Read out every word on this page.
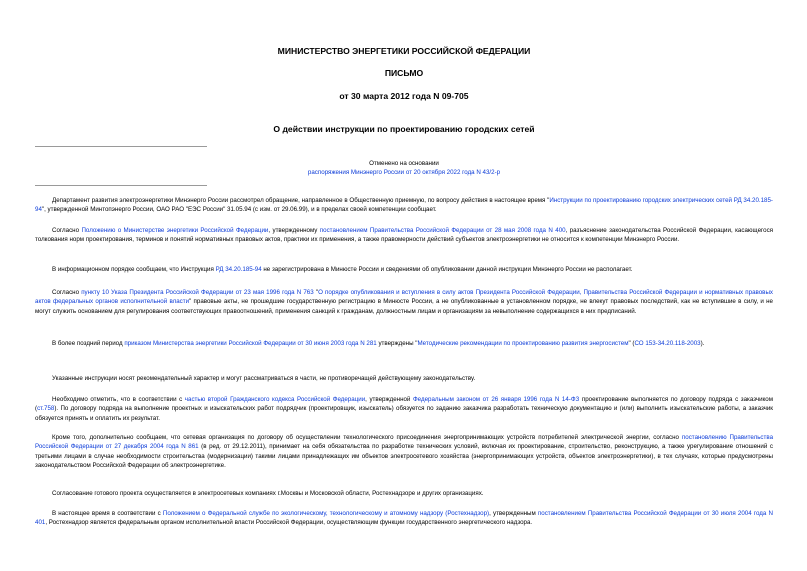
МИНИСТЕРСТВО ЭНЕРГЕТИКИ РОССИЙСКОЙ ФЕДЕРАЦИИ
ПИСЬМО
от 30 марта 2012 года N 09-705
О действии инструкции по проектированию городских сетей
Отменено на основании
распоряжения Минэнерго России от 20 октября 2022 года N 43/2-р
Департамент развития электроэнергетики Минэнерго России рассмотрел обращение, направленное в Общественную приемную, по вопросу действия в настоящее время "Инструкции по проектированию городских электрических сетей РД 34.20.185-94", утвержденной Минтопэнерго России, ОАО РАО "ЕЭС России" 31.05.94 (с изм. от 29.06.99), и в пределах своей компетенции сообщает.
Согласно Положению о Министерстве энергетики Российской Федерации, утвержденному постановлением Правительства Российской Федерации от 28 мая 2008 года N 400, разъяснение законодательства Российской Федерации, касающегося толкования норм проектирования, терминов и понятий нормативных правовых актов, практики их применения, а также правомерности действий субъектов электроэнергетики не относится к компетенции Минэнерго России.
В информационном порядке сообщаем, что Инструкция РД 34.20.185-94 не зарегистрирована в Минюсте России и сведениями об опубликовании данной инструкции Минэнерго России не располагает.
Согласно пункту 10 Указа Президента Российской Федерации от 23 мая 1996 года N 763 "О порядке опубликования и вступления в силу актов Президента Российской Федерации, Правительства Российской Федерации и нормативных правовых актов федеральных органов исполнительной власти" правовые акты, не прошедшие государственную регистрацию в Минюсте России, а не опубликованные в установленном порядке, не влекут правовых последствий, как не вступившие в силу, и не могут служить основанием для регулирования соответствующих правоотношений, применения санкций к гражданам, должностным лицам и организациям за невыполнение содержащихся в них предписаний.
В более поздний период приказом Министерства энергетики Российской Федерации от 30 июня 2003 года N 281 утверждены "Методические рекомендации по проектированию развития энергосистем" (СО 153-34.20.118-2003).
Указанные инструкции носят рекомендательный характер и могут рассматриваться в части, не противоречащей действующему законодательству.
Необходимо отметить, что в соответствии с частью второй Гражданского кодекса Российской Федерации, утвержденной Федеральным законом от 26 января 1996 года N 14-ФЗ проектирование выполняется по договору подряда с заказчиком (ст.758). По договору подряда на выполнение проектных и изыскательских работ подрядчик (проектировщик, изыскатель) обязуется по заданию заказчика разработать техническую документацию и (или) выполнить изыскательские работы, а заказчик обязуется принять и оплатить их результат.
Кроме того, дополнительно сообщаем, что сетевая организация по договору об осуществлении технологического присоединения энергопринимающих устройств потребителей электрической энергии, согласно постановлению Правительства Российской Федерации от 27 декабря 2004 года N 861 (в ред. от 29.12.2011), принимает на себя обязательства по разработке технических условий, включая их проектирование, строительство, реконструкцию, а также урегулирование отношений с третьими лицами в случае необходимости строительства (модернизации) такими лицами принадлежащих им объектов электросетевого хозяйства (энергопринимающих устройств, объектов электроэнергетики), в тех случаях, которые предусмотрены законодательством Российской Федерации об электроэнергетике.
Согласование готового проекта осуществляется в электросетевых компаниях г.Москвы и Московской области, Ростехнадзоре и других организациях.
В настоящее время в соответствии с Положением о Федеральной службе по экологическому, технологическому и атомному надзору (Ростехнадзор), утвержденным постановлением Правительства Российской Федерации от 30 июля 2004 года N 401, Ростехнадзор является федеральным органом исполнительной власти Российской Федерации, осуществляющим функции государственного энергетического надзора.
